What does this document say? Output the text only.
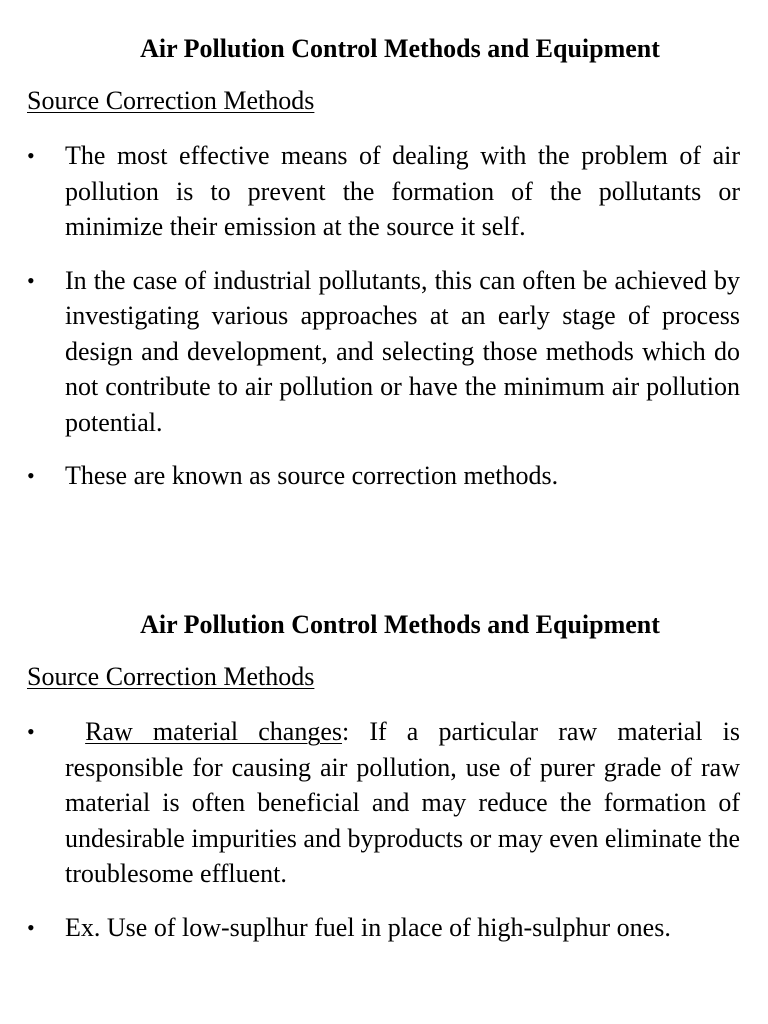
Air Pollution Control Methods and Equipment
Source Correction Methods
• The most effective means of dealing with the problem of air pollution is to prevent the formation of the pollutants or minimize their emission at the source it self.
• In the case of industrial pollutants, this can often be achieved by investigating various approaches at an early stage of process design and development, and selecting those methods which do not contribute to air pollution or have the minimum air pollution potential.
• These are known as source correction methods.
Air Pollution Control Methods and Equipment
Source Correction Methods
•	Raw material changes: If a particular raw material is responsible for causing air pollution, use of purer grade of raw material is often beneficial and may reduce the formation of undesirable impurities and byproducts or may even eliminate the troublesome effluent.
• Ex. Use of low-suplhur fuel in place of high-sulphur ones.
